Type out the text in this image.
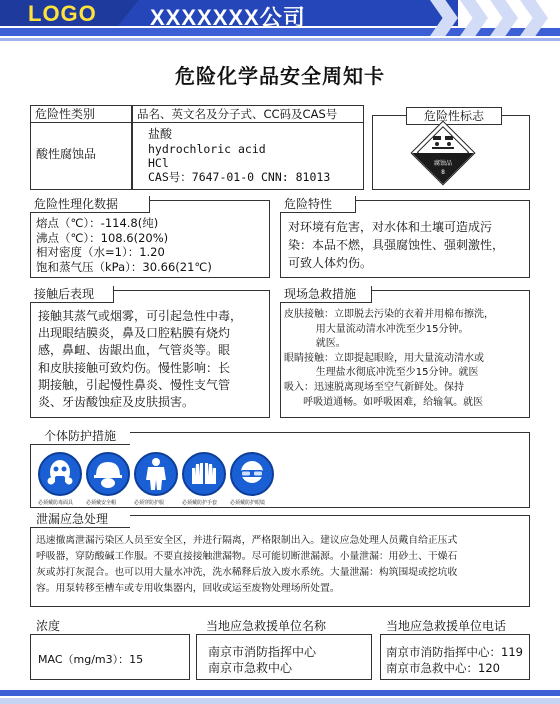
LOGO XXXXXXX公司
危险化学品安全周知卡
危险性类别
酸性腐蚀品
品名、英文名及分子式、CC码及CAS号
盐酸
hydrochloric acid
HCl
CAS号：7647-01-0 CNN: 81013
危险性标志
腐蚀品
8
危险性理化数据
熔点（℃）：-114.8(纯)
沸点（℃）：108.6(20%)
相对密度（水=1）：1.20
饱和蒸气压（kPa）：30.66(21℃)
危险特性
对环境有危害，对水体和土壤可造成污
染：本品不燃，具强腐蚀性、强刺激性，
可致人体灼伤。
接触后表现
接触其蒸气或烟雾，可引起急性中毒，
出现眼结膜炎，鼻及口腔粘膜有烧灼
感，鼻衄、齿龈出血，气管炎等。眼
和皮肤接触可致灼伤。慢性影响：长
期接触，引起慢性鼻炎、慢性支气管
炎、牙齿酸蚀症及皮肤损害。
现场急救措施
皮肤接触：立即脱去污染的衣着并用棉布擦洗，
用大量流动清水冲洗至少15分钟。
就医。
眼睛接触：立即提起眼睑，用大量流动清水或
生理盐水彻底冲洗至少15分钟。就医
吸入：迅速脱离现场至空气新鲜处。保持
呼吸道通畅。如呼吸困难，给输氧。就医
个体防护措施
必须戴防毒面具	必须戴安全帽	必须穿防护服	必须戴防护手套	必须戴防护眼镜
泄漏应急处理
迅速撤离泄漏污染区人员至安全区，并进行隔离，严格限制出入。建议应急处理人员戴自给正压式
呼吸器，穿防酸碱工作服。不要直接接触泄漏物。尽可能切断泄漏源。小量泄漏：用砂土、干燥石
灰或苏打灰混合。也可以用大量水冲洗，洗水稀释后放入废水系统。大量泄漏：构筑围堤或挖坑收
容。用泵转移至槽车或专用收集器内，回收或运至废物处理场所处置。
浓度
MAC（mg/m3）：15
当地应急救援单位名称
南京市消防指挥中心
南京市急救中心
当地应急救援单位电话
南京市消防指挥中心：119
南京市急救中心：120
